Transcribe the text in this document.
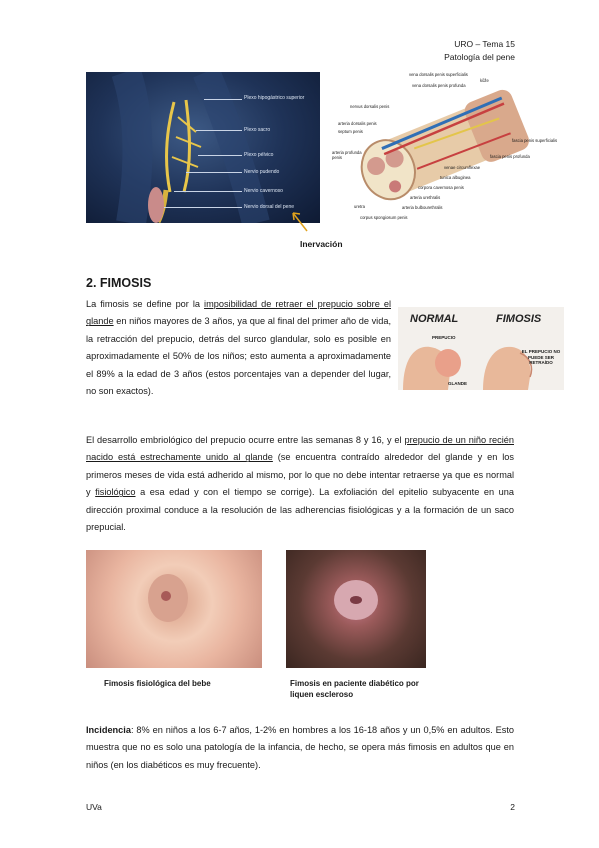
URO – Tema 15
Patología del pene
Plexo hipogástrico superior
Plexo sacro
Plexo pélvico
Nervio pudendo
Nervio cavernoso
Nervio dorsal del pene
vena dorsalis penis superficialis
vena dorsalis penis profunda
kůže
nervus dorsalis penis
arteria dorsalis penis
septum penis
arteria profunda penis
uretra
fascia penis superficialis
fascia penis profunda
venae circumflexae
tunica albuginea
corpora cavernosa penis
arteria urethralis
arteria bulbourethralis
corpus spongiosum penis
Inervación
2. FIMOSIS
NORMAL	FIMOSIS
PREPUCIO
GLANDE
EL PREPUCIO NO PUEDE SER RETRAÍDO
La fimosis se define por la imposibilidad de retraer el prepucio sobre el glande en niños mayores de 3 años, ya que al final del primer año de vida, la retracción del prepucio, detrás del surco glandular, solo es posible en aproximadamente el 50% de los niños; esto aumenta a aproximadamente el 89% a la edad de 3 años (estos porcentajes van a depender del lugar, no son exactos).
El desarrollo embriológico del prepucio ocurre entre las semanas 8 y 16, y el prepucio de un niño recién nacido está estrechamente unido al glande (se encuentra contraído alrededor del glande y en los primeros meses de vida está adherido al mismo, por lo que no debe intentar retraerse ya que es normal y fisiológico a esa edad y con el tiempo se corrige). La exfoliación del epitelio subyacente en una dirección proximal conduce a la resolución de las adherencias fisiológicas y a la formación de un saco prepucial.
Fimosis fisiológica del bebe	Fimosis en paciente diabético por liquen escleroso
Incidencia: 8% en niños a los 6-7 años, 1-2% en hombres a los 16-18 años y un 0,5% en adultos. Esto muestra que no es solo una patología de la infancia, de hecho, se opera más fimosis en adultos que en niños (en los diabéticos es muy frecuente).
UVa	2
